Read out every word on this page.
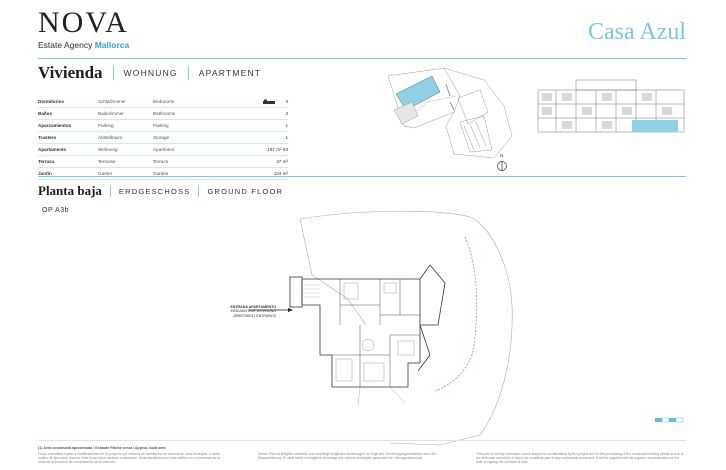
NOVA
Estate Agency Mallorca	Casa Azul
Vivienda WOHNUNG APARTMENT
Dormitorios	Schlafzimmer	Bedrooms	3
Baños	Badezimmer	Bathrooms	3
Aparcamientos	Parking	Parking	1
Trastero	Abstellraum	Storage	1
Apartamento	Wohnung	Apartment	167 m² 93
Terraza	Terrasse	Terrace	47 m²
Jardín	Garten	Garden	124 m²
N
Planta baja ERDGESCHOSS GROUND FLOOR
OP A3b
ENTRADA APARTAMENTO
EINGANG ZUR WOHNUNG
APARTMENT ENTRANCE
(1) Área construida aproximada / Gebaute Fläche cerca / Approx. built area
Plano orientativo sujeto a modificaciones en el proyecto por motivos de tramitación de licencia de obra municipal, a hacer motivo de ejecución técnica. Esta plano tiene carácter contractual. Serán facilitados por este edificio en el momento de la firma de la escritura de compraventa de la vivienda.
Dieser Plan ist lediglich orientativ und unterliegt möglichen Änderungen im Zuge der Genehmigungsverfahren oder der Bauausführung. Er stellt keine vertragliche Unterlage dar, welche vertraglich gebunden bei Vertragsabschluss.
This plan is merely orientative and is subject to modifications by the project due to the processing of the municipal building permit or due to the technical execution. It does not constitute part of any contractual document. It will be supplied with all required documentation at the time of signing the contract of sale.
